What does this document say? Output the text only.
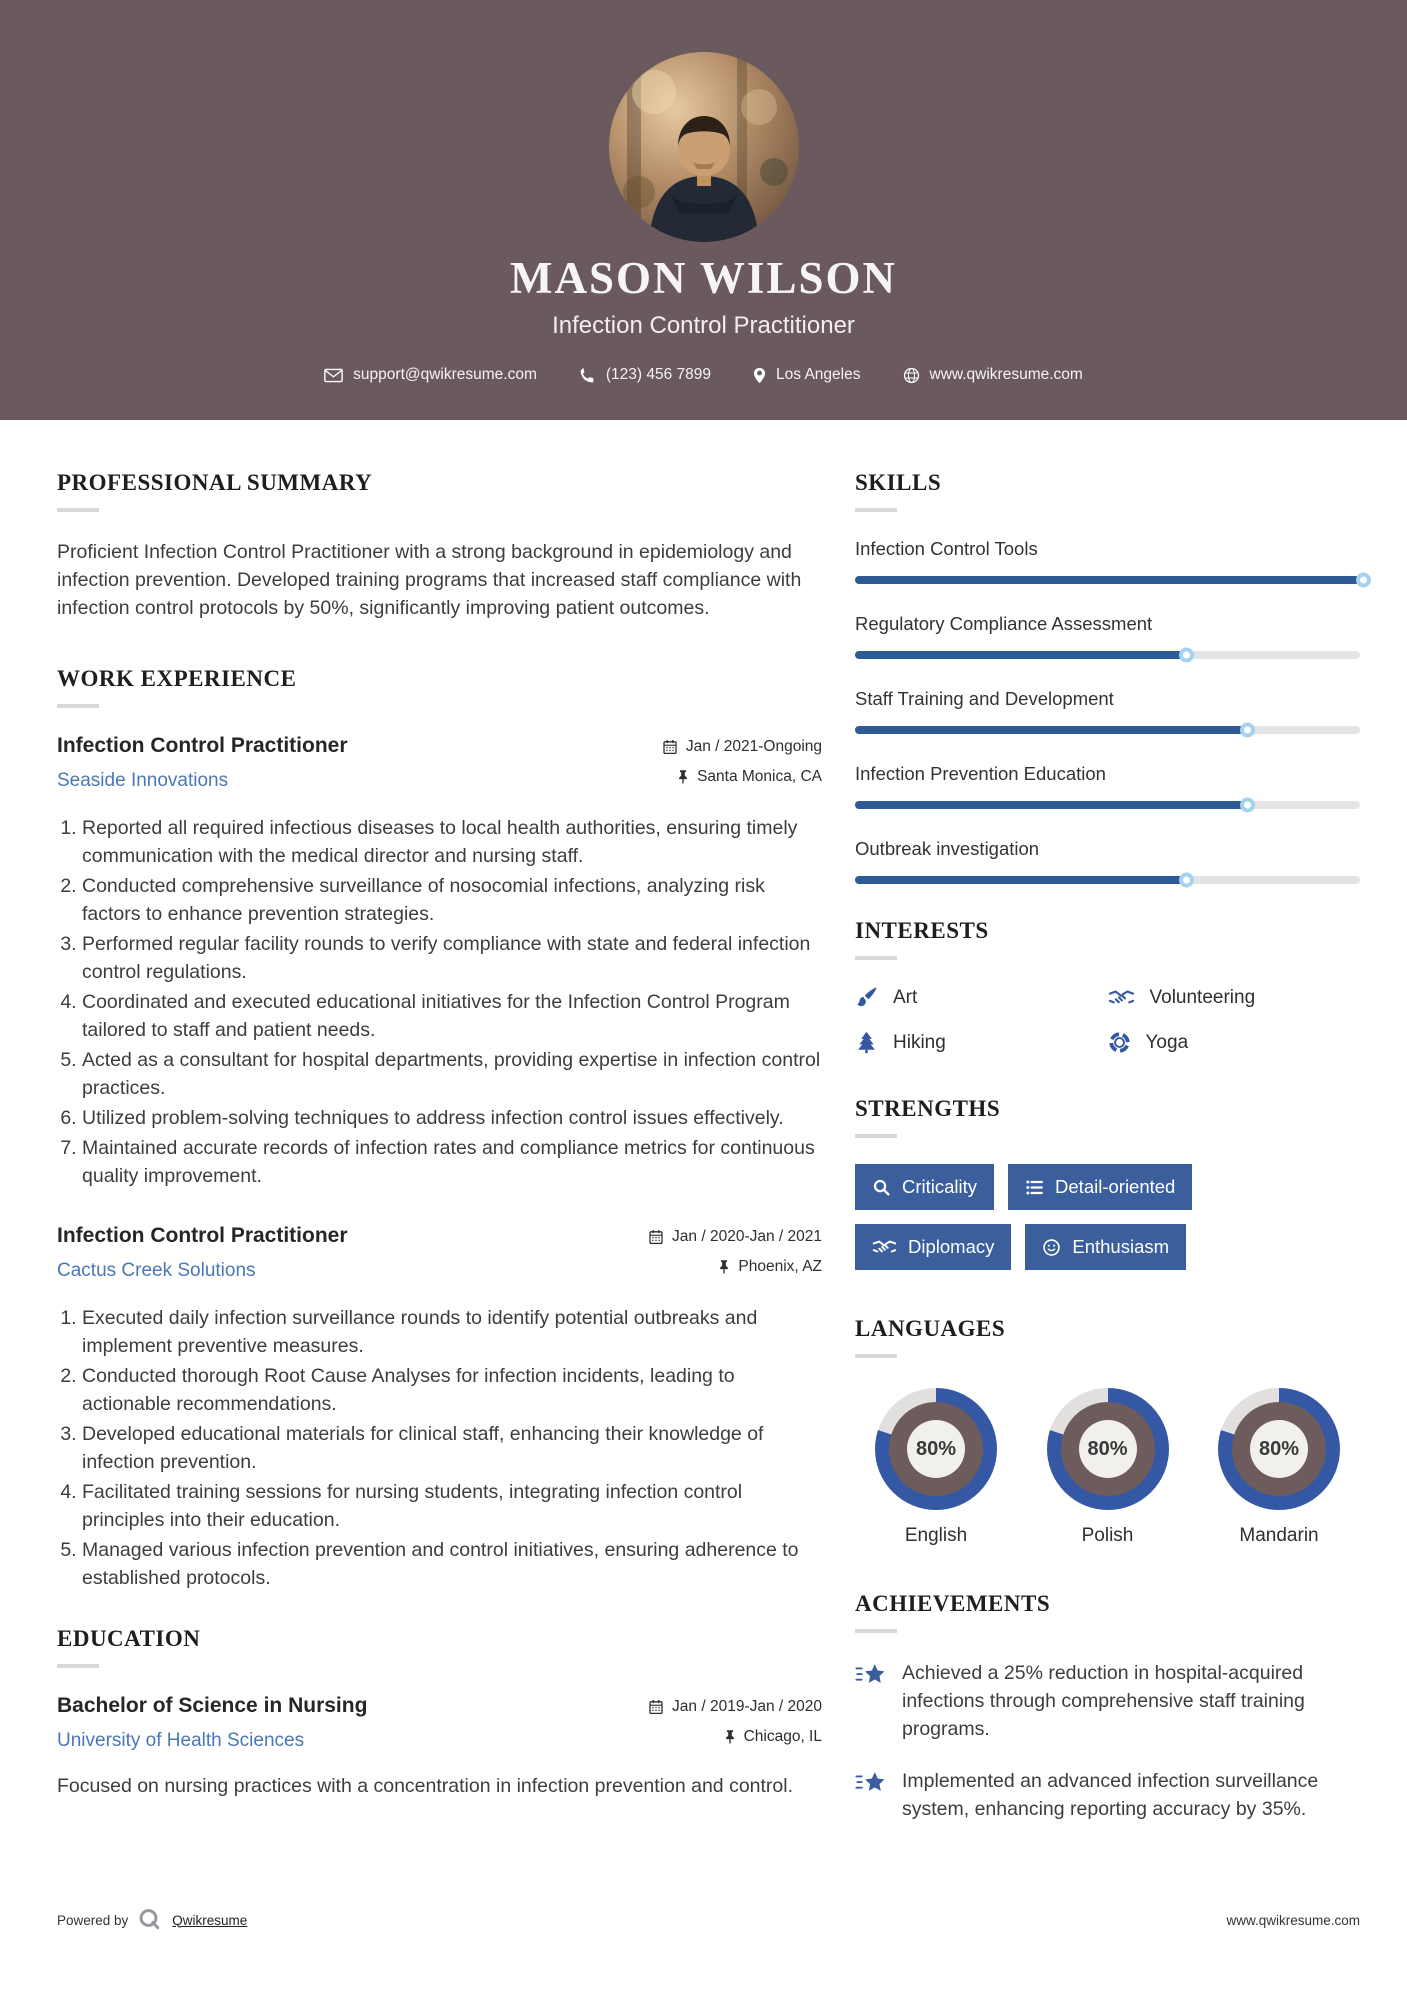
MASON WILSON
Infection Control Practitioner
support@qwikresume.com	(123) 456 7899	Los Angeles	www.qwikresume.com
PROFESSIONAL SUMMARY

Proficient Infection Control Practitioner with a strong background in epidemiology and infection prevention. Developed training programs that increased staff compliance with infection control protocols by 50%, significantly improving patient outcomes.

WORK EXPERIENCE
Infection Control Practitioner
Seaside Innovations
Jan / 2021-Ongoing
Santa Monica, CA
1. Reported all required infectious diseases to local health authorities, ensuring timely communication with the medical director and nursing staff.
2. Conducted comprehensive surveillance of nosocomial infections, analyzing risk factors to enhance prevention strategies.
3. Performed regular facility rounds to verify compliance with state and federal infection control regulations.
4. Coordinated and executed educational initiatives for the Infection Control Program tailored to staff and patient needs.
5. Acted as a consultant for hospital departments, providing expertise in infection control practices.
6. Utilized problem-solving techniques to address infection control issues effectively.
7. Maintained accurate records of infection rates and compliance metrics for continuous quality improvement.
Infection Control Practitioner
Cactus Creek Solutions
Jan / 2020-Jan / 2021
Phoenix, AZ
1. Executed daily infection surveillance rounds to identify potential outbreaks and implement preventive measures.
2. Conducted thorough Root Cause Analyses for infection incidents, leading to actionable recommendations.
3. Developed educational materials for clinical staff, enhancing their knowledge of infection prevention.
4. Facilitated training sessions for nursing students, integrating infection control principles into their education.
5. Managed various infection prevention and control initiatives, ensuring adherence to established protocols.
EDUCATION
Bachelor of Science in Nursing
University of Health Sciences
Jan / 2019-Jan / 2020
Chicago, IL

Focused on nursing practices with a concentration in infection prevention and control.

SKILLS
Infection Control Tools
Regulatory Compliance Assessment
Staff Training and Development
Infection Prevention Education
Outbreak investigation
INTERESTS
Art	Volunteering
Hiking	Yoga
STRENGTHS
Criticality	Detail-oriented
Diplomacy	Enthusiasm
LANGUAGES
80%
English
80%
Polish
80%
Mandarin
ACHIEVEMENTS
Achieved a 25% reduction in hospital-acquired infections through comprehensive staff training programs.
Implemented an advanced infection surveillance system, enhancing reporting accuracy by 35%.
Powered by	Qwikresume	www.qwikresume.com
